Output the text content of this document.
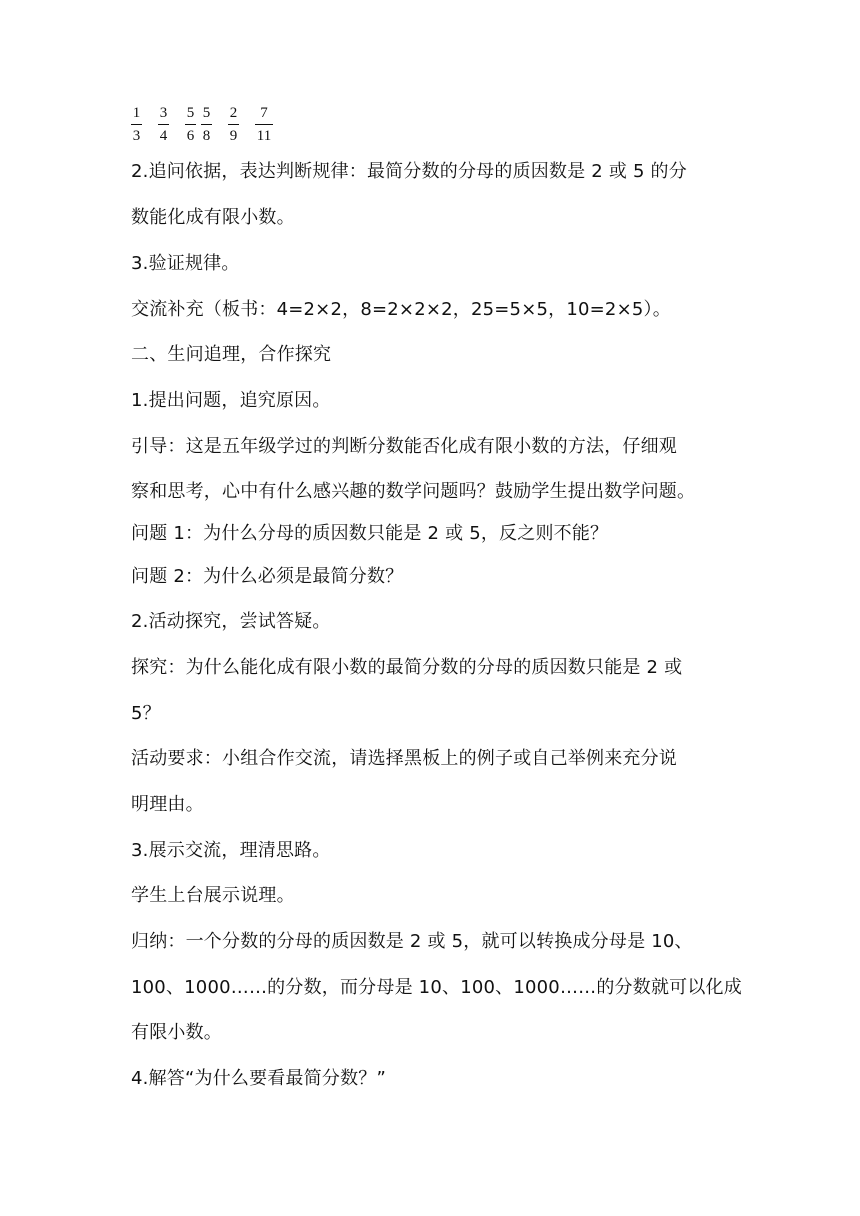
1
3
3
4
5
6
5
8
2
9
7
11
2.追问依据，表达判断规律：最简分数的分母的质因数是 2 或 5 的分
数能化成有限小数。
3.验证规律。
交流补充（板书：4=2×2，8=2×2×2，25=5×5，10=2×5）。
二、生问追理，合作探究
1.提出问题，追究原因。
引导：这是五年级学过的判断分数能否化成有限小数的方法，仔细观
察和思考，心中有什么感兴趣的数学问题吗？鼓励学生提出数学问题。
问题 1：为什么分母的质因数只能是 2 或 5，反之则不能？
问题 2：为什么必须是最简分数？
2.活动探究，尝试答疑。
探究：为什么能化成有限小数的最简分数的分母的质因数只能是 2 或
5？
活动要求：小组合作交流，请选择黑板上的例子或自己举例来充分说
明理由。
3.展示交流，理清思路。
学生上台展示说理。
归纳：一个分数的分母的质因数是 2 或 5，就可以转换成分母是 10、
100、1000……的分数，而分母是 10、100、1000……的分数就可以化成
有限小数。
4.解答“为什么要看最简分数？”
